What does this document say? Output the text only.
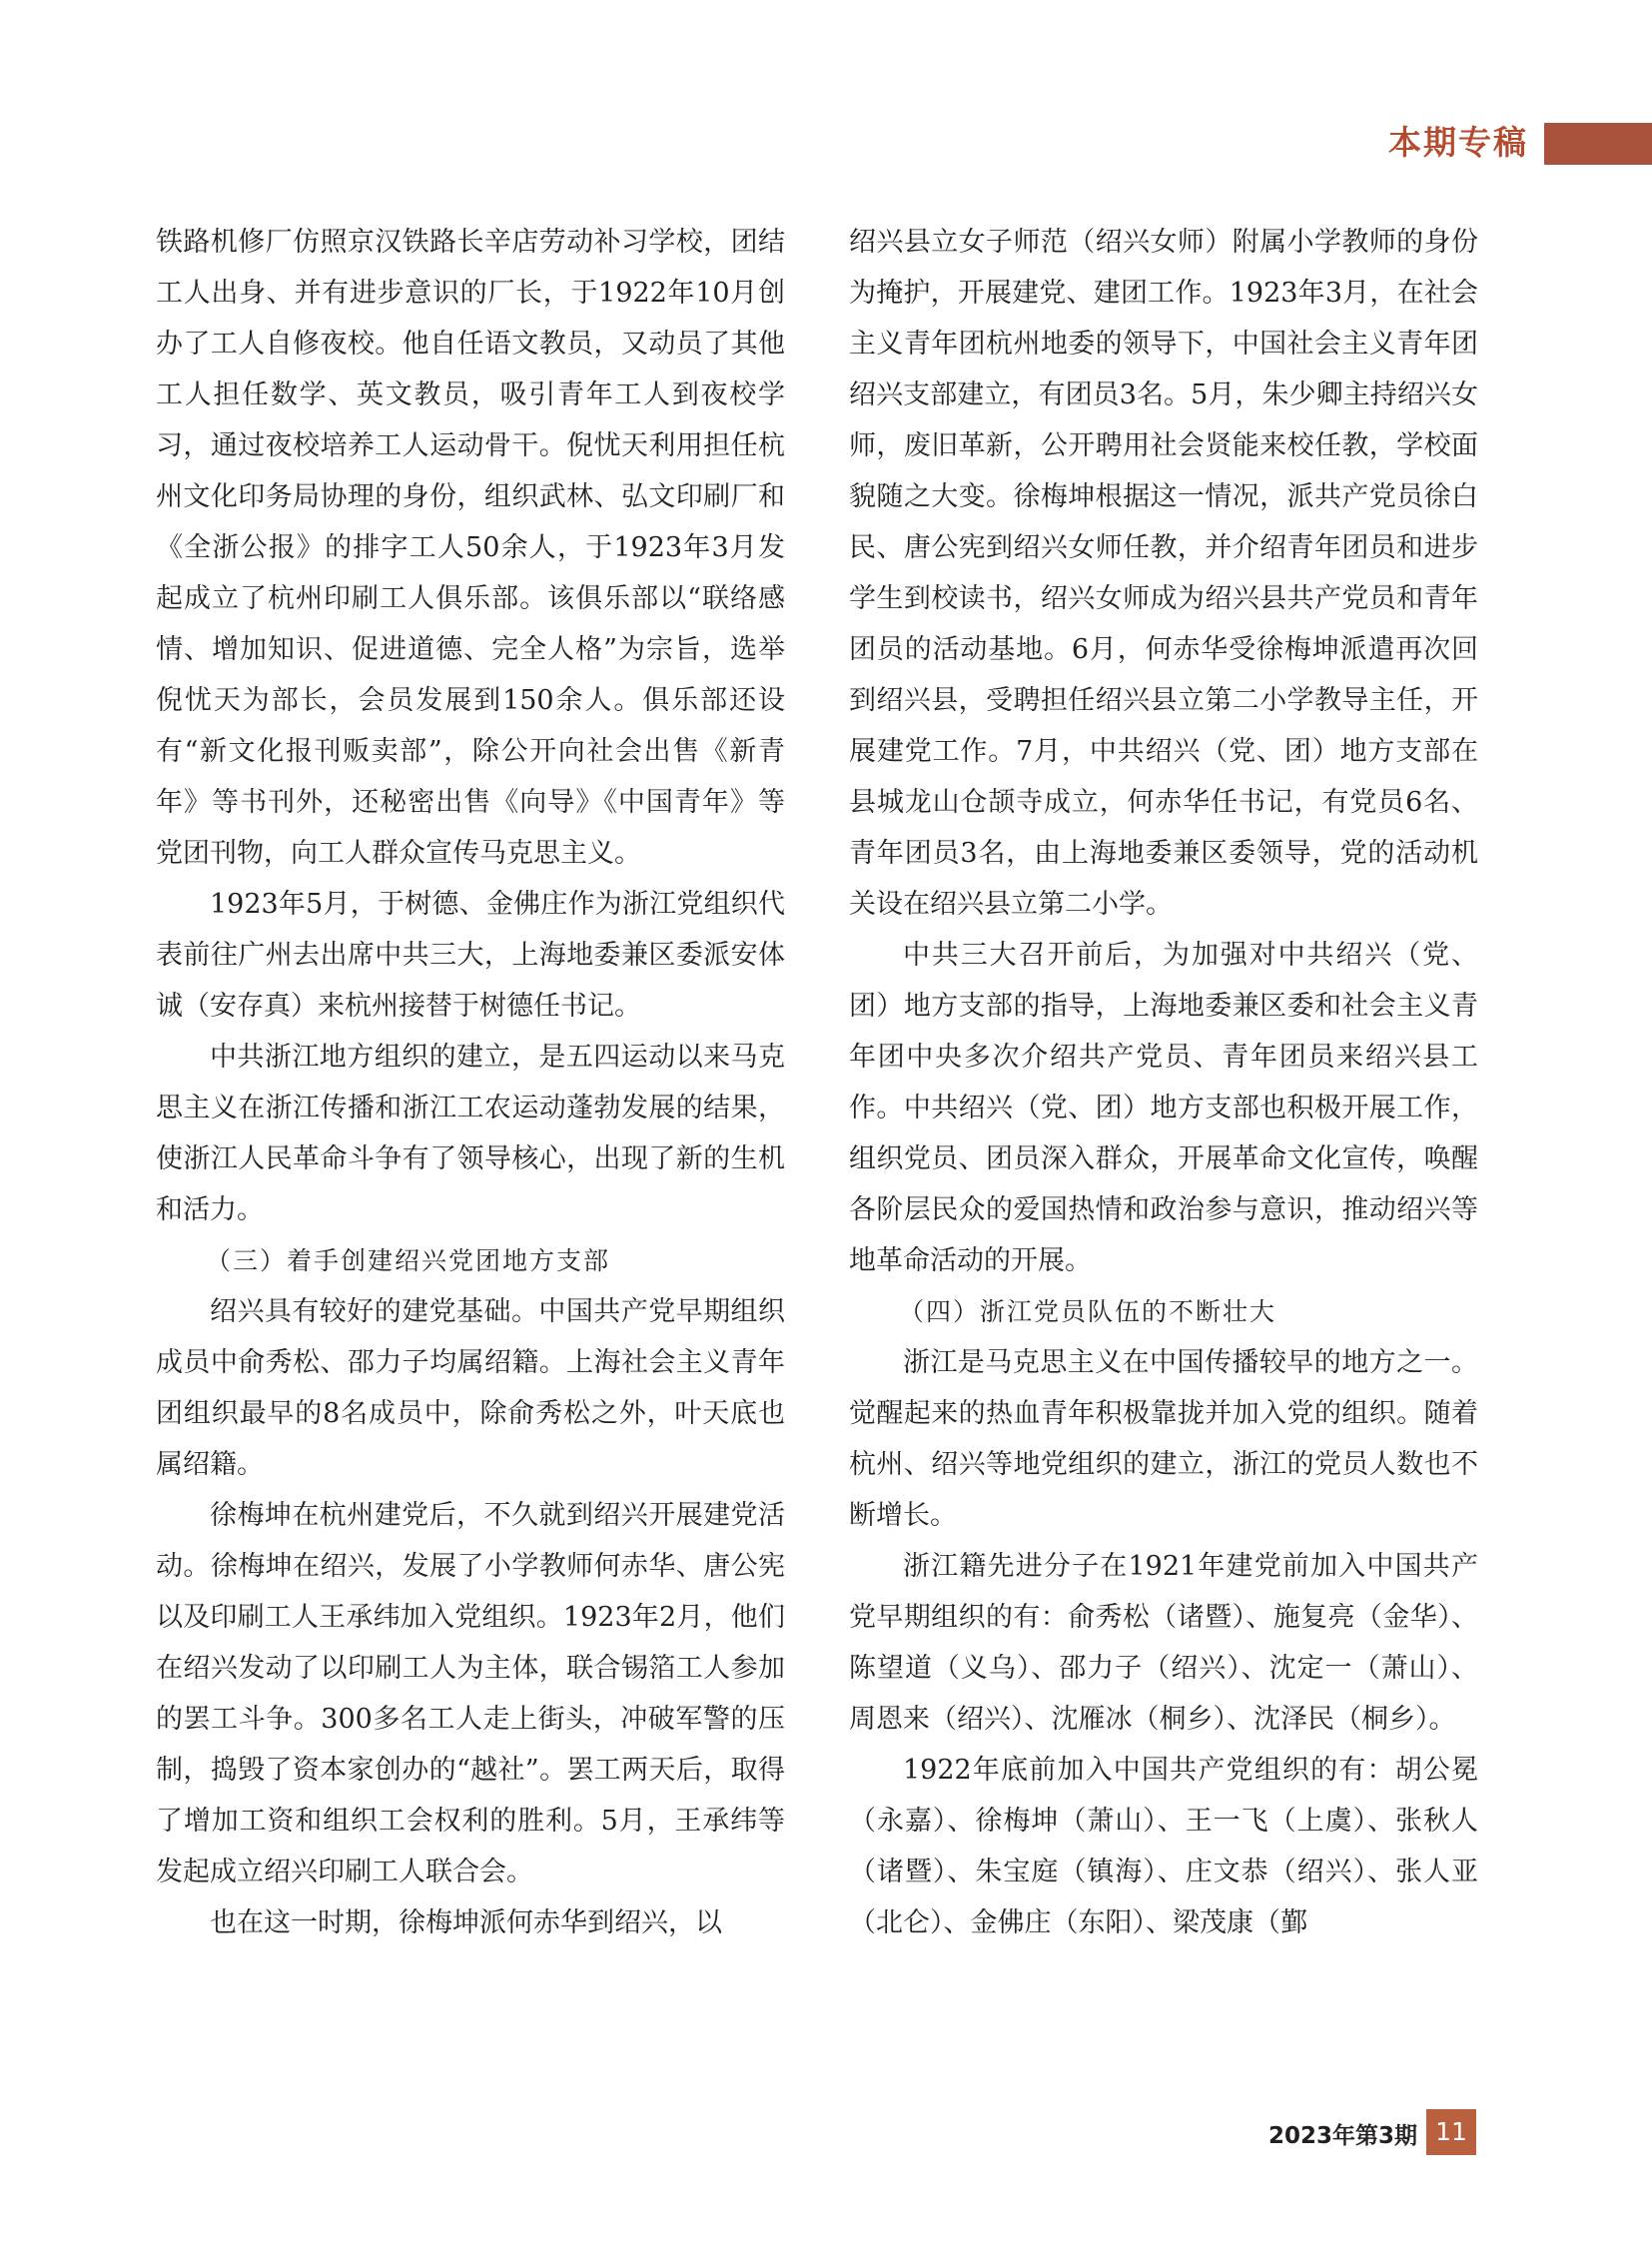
本期专稿

铁路机修厂仿照京汉铁路长辛店劳动补习学校，团结工人出身、并有进步意识的厂长，于1922年10月创办了工人自修夜校。他自任语文教员，又动员了其他工人担任数学、英文教员，吸引青年工人到夜校学习，通过夜校培养工人运动骨干。倪忧天利用担任杭州文化印务局协理的身份，组织武林、弘文印刷厂和《全浙公报》的排字工人50余人，于1923年3月发起成立了杭州印刷工人俱乐部。该俱乐部以“联络感情、增加知识、促进道德、完全人格”为宗旨，选举倪忧天为部长，会员发展到150余人。俱乐部还设有“新文化报刊贩卖部”，除公开向社会出售《新青年》等书刊外，还秘密出售《向导》《中国青年》等党团刊物，向工人群众宣传马克思主义。

1923年5月，于树德、金佛庄作为浙江党组织代表前往广州去出席中共三大，上海地委兼区委派安体诚（安存真）来杭州接替于树德任书记。

中共浙江地方组织的建立，是五四运动以来马克思主义在浙江传播和浙江工农运动蓬勃发展的结果，使浙江人民革命斗争有了领导核心，出现了新的生机和活力。

（三）着手创建绍兴党团地方支部

绍兴具有较好的建党基础。中国共产党早期组织成员中俞秀松、邵力子均属绍籍。上海社会主义青年团组织最早的8名成员中，除俞秀松之外，叶天底也属绍籍。

徐梅坤在杭州建党后，不久就到绍兴开展建党活动。徐梅坤在绍兴，发展了小学教师何赤华、唐公宪以及印刷工人王承纬加入党组织。1923年2月，他们在绍兴发动了以印刷工人为主体，联合锡箔工人参加的罢工斗争。300多名工人走上街头，冲破军警的压制，捣毁了资本家创办的“越社”。罢工两天后，取得了增加工资和组织工会权利的胜利。5月，王承纬等发起成立绍兴印刷工人联合会。

也在这一时期，徐梅坤派何赤华到绍兴，以

绍兴县立女子师范（绍兴女师）附属小学教师的身份为掩护，开展建党、建团工作。1923年3月，在社会主义青年团杭州地委的领导下，中国社会主义青年团绍兴支部建立，有团员3名。5月，朱少卿主持绍兴女师，废旧革新，公开聘用社会贤能来校任教，学校面貌随之大变。徐梅坤根据这一情况，派共产党员徐白民、唐公宪到绍兴女师任教，并介绍青年团员和进步学生到校读书，绍兴女师成为绍兴县共产党员和青年团员的活动基地。6月，何赤华受徐梅坤派遣再次回到绍兴县，受聘担任绍兴县立第二小学教导主任，开展建党工作。7月，中共绍兴（党、团）地方支部在县城龙山仓颉寺成立，何赤华任书记，有党员6名、青年团员3名，由上海地委兼区委领导，党的活动机关设在绍兴县立第二小学。

中共三大召开前后，为加强对中共绍兴（党、团）地方支部的指导，上海地委兼区委和社会主义青年团中央多次介绍共产党员、青年团员来绍兴县工作。中共绍兴（党、团）地方支部也积极开展工作，组织党员、团员深入群众，开展革命文化宣传，唤醒各阶层民众的爱国热情和政治参与意识，推动绍兴等地革命活动的开展。

（四）浙江党员队伍的不断壮大

浙江是马克思主义在中国传播较早的地方之一。觉醒起来的热血青年积极靠拢并加入党的组织。随着杭州、绍兴等地党组织的建立，浙江的党员人数也不断增长。

浙江籍先进分子在1921年建党前加入中国共产党早期组织的有：俞秀松（诸暨）、施复亮（金华）、陈望道（义乌）、邵力子（绍兴）、沈定一（萧山）、周恩来（绍兴）、沈雁冰（桐乡）、沈泽民（桐乡）。

1922年底前加入中国共产党组织的有：胡公冕（永嘉）、徐梅坤（萧山）、王一飞（上虞）、张秋人（诸暨）、朱宝庭（镇海）、庄文恭（绍兴）、张人亚（北仑）、金佛庄（东阳）、梁茂康（鄞

2023年第3期 11
